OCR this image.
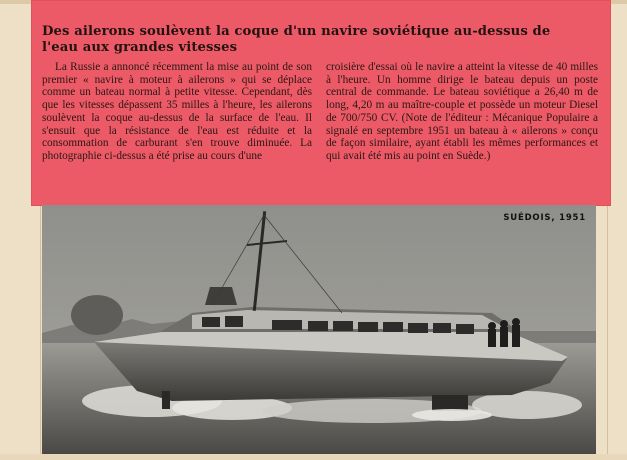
Des ailerons soulèvent la coque d'un navire soviétique au-dessus de l'eau aux grandes vitesses
La Russie a annoncé récemment la mise au point de son premier « navire à moteur à ailerons » qui se déplace comme un bateau normal à petite vitesse. Cependant, dès que les vitesses dépassent 35 milles à l'heure, les ailerons soulèvent la coque au-dessus de la surface de l'eau. Il s'ensuit que la résistance de l'eau est réduite et la consommation de carburant s'en trouve diminuée. La photographie ci-dessus a été prise au cours d'une
croisière d'essai où le navire a atteint la vitesse de 40 milles à l'heure. Un homme dirige le bateau depuis un poste central de commande. Le bateau soviétique a 26,40 m de long, 4,20 m au maître-couple et possède un moteur Diesel de 700/750 CV. (Note de l'éditeur : Mécanique Populaire a signalé en septembre 1951 un bateau à « ailerons » conçu de façon similaire, ayant établi les mêmes performances et qui avait été mis au point en Suède.)
SUÉDOIS, 1951
